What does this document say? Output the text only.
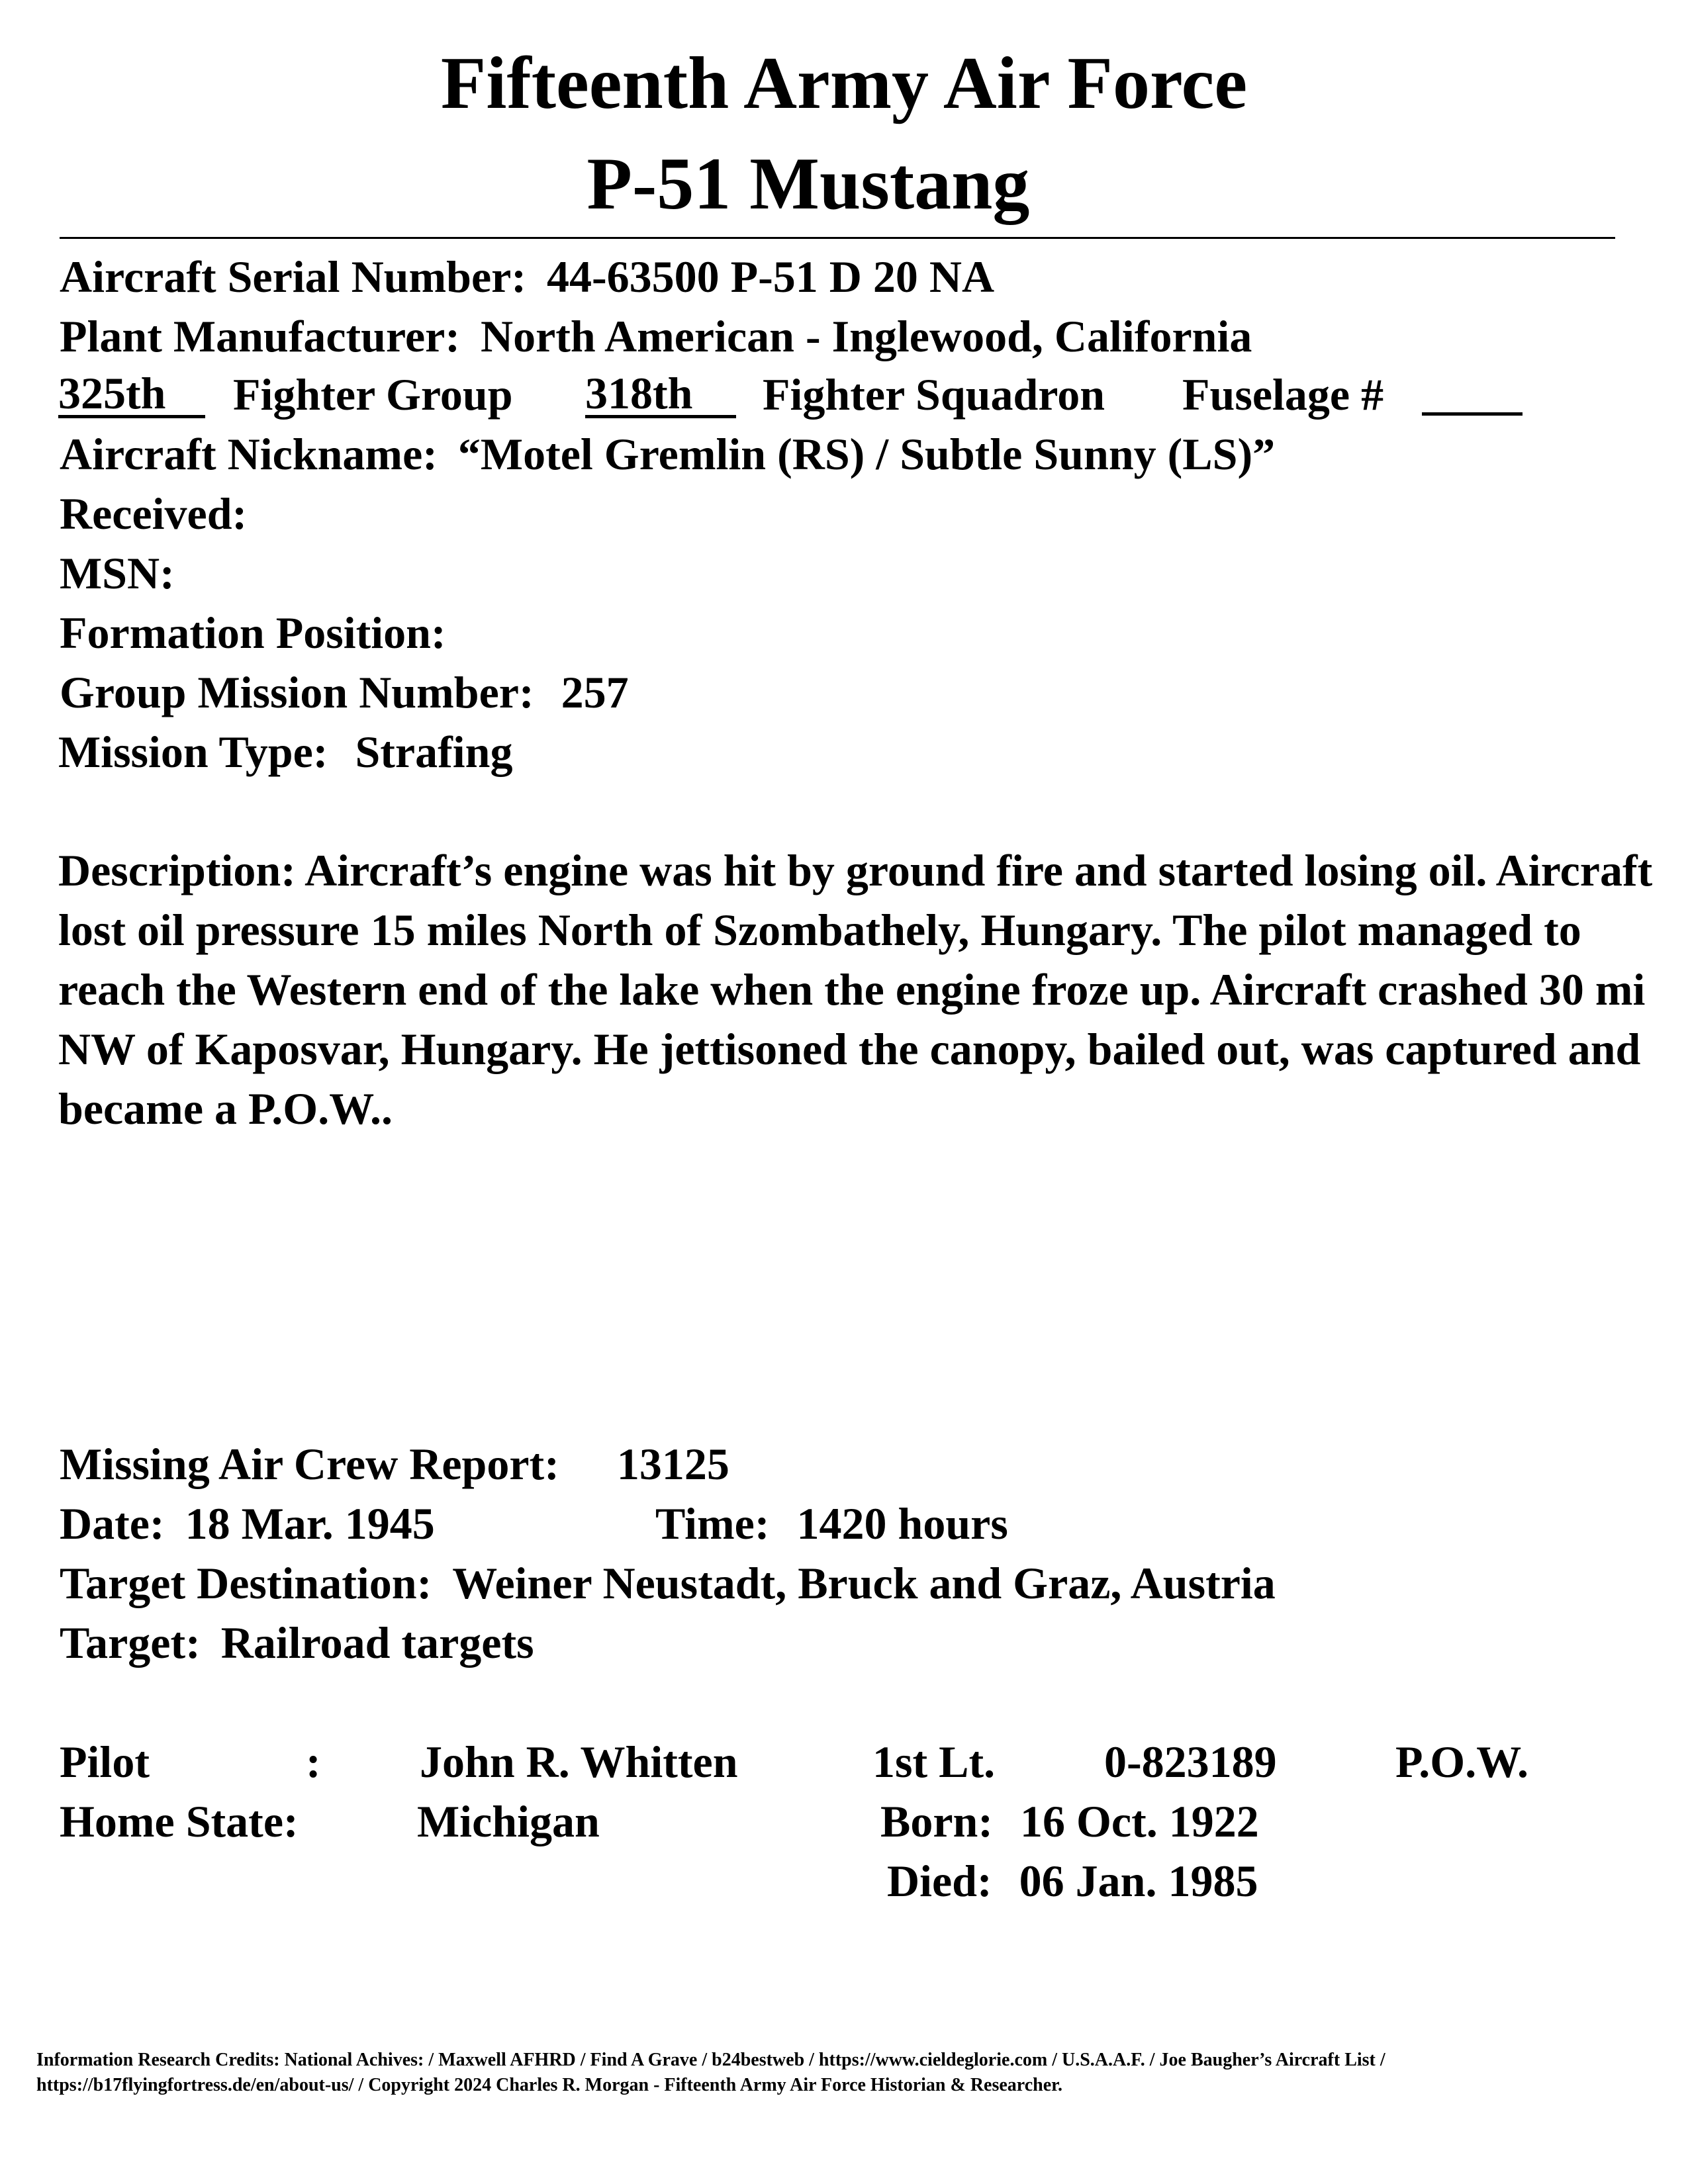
Fifteenth Army Air Force
P-51 Mustang
Aircraft Serial Number: 44-63500 P-51 D 20 NA
Plant Manufacturer: North American - Inglewood, California
325th	Fighter Group 318th	Fighter Squadron Fuselage #
Aircraft Nickname: “Motel Gremlin (RS) / Subtle Sunny (LS)”
Received:
MSN:
Formation Position:
Group Mission Number: 257
Mission Type: Strafing
Description: Aircraft’s engine was hit by ground fire and started losing oil. Aircraft lost oil pressure 15 miles North of Szombathely, Hungary. The pilot managed to reach the Western end of the lake when the engine froze up. Aircraft crashed 30 mi NW of Kaposvar, Hungary. He jettisoned the canopy, bailed out, was captured and became a P.O.W..
Missing Air Crew Report: 13125
Date: 18 Mar. 1945	Time: 1420 hours
Target Destination: Weiner Neustadt, Bruck and Graz, Austria
Target: Railroad targets
Pilot	: John R. Whitten	1st Lt. 0-823189	P.O.W.
Home State:	Michigan	Born: 16 Oct. 1922
Died: 06 Jan. 1985
Information Research Credits: National Achives: / Maxwell AFHRD / Find A Grave / b24bestweb / https://www.cieldeglorie.com / U.S.A.A.F. / Joe Baugher’s Aircraft List /
https://b17flyingfortress.de/en/about-us/ / Copyright 2024 Charles R. Morgan - Fifteenth Army Air Force Historian & Researcher.
